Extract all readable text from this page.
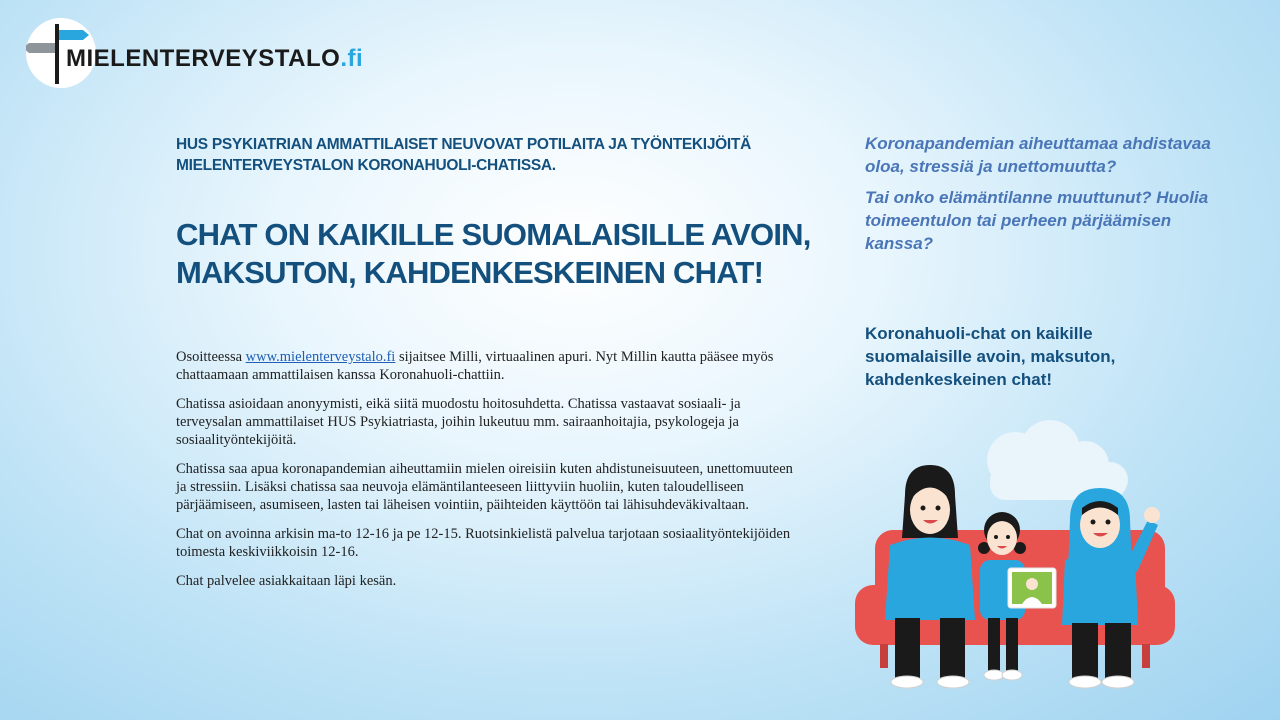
MIELENTERVEYSTALO.fi
HUS PSYKIATRIAN AMMATTILAISET NEUVOVAT POTILAITA JA TYÖNTEKIJÖITÄ MIELENTERVEYSTALON KORONAHUOLI-CHATISSA.
CHAT ON KAIKILLE SUOMALAISILLE AVOIN, MAKSUTON, KAHDENKESKEINEN CHAT!

Osoitteessa www.mielenterveystalo.fi sijaitsee Milli, virtuaalinen apuri. Nyt Millin kautta pääsee myös chattaamaan ammattilaisen kanssa Koronahuoli-chattiin.

Chatissa asioidaan anonyymisti, eikä siitä muodostu hoitosuhdetta. Chatissa vastaavat sosiaali- ja terveysalan ammattilaiset HUS Psykiatriasta, joihin lukeutuu mm. sairaanhoitajia, psykologeja ja sosiaalityöntekijöitä.

Chatissa saa apua koronapandemian aiheuttamiin mielen oireisiin kuten ahdistuneisuuteen, unettomuuteen ja stressiin. Lisäksi chatissa saa neuvoja elämäntilanteeseen liittyviin huoliin, kuten taloudelliseen pärjäämiseen, asumiseen, lasten tai läheisen vointiin, päihteiden käyttöön tai lähisuhdeväkivaltaan.

Chat on avoinna arkisin ma-to 12-16 ja pe 12-15. Ruotsinkielistä palvelua tarjotaan sosiaalityöntekijöiden toimesta keskiviikkoisin 12-16.

Chat palvelee asiakkaitaan läpi kesän.

Koronapandemian aiheuttamaa ahdistavaa oloa, stressiä ja unettomuutta?

Tai onko elämäntilanne muuttunut? Huolia toimeentulon tai perheen pärjäämisen kanssa?

Koronahuoli-chat on kaikille suomalaisille avoin, maksuton, kahdenkeskeinen chat!
